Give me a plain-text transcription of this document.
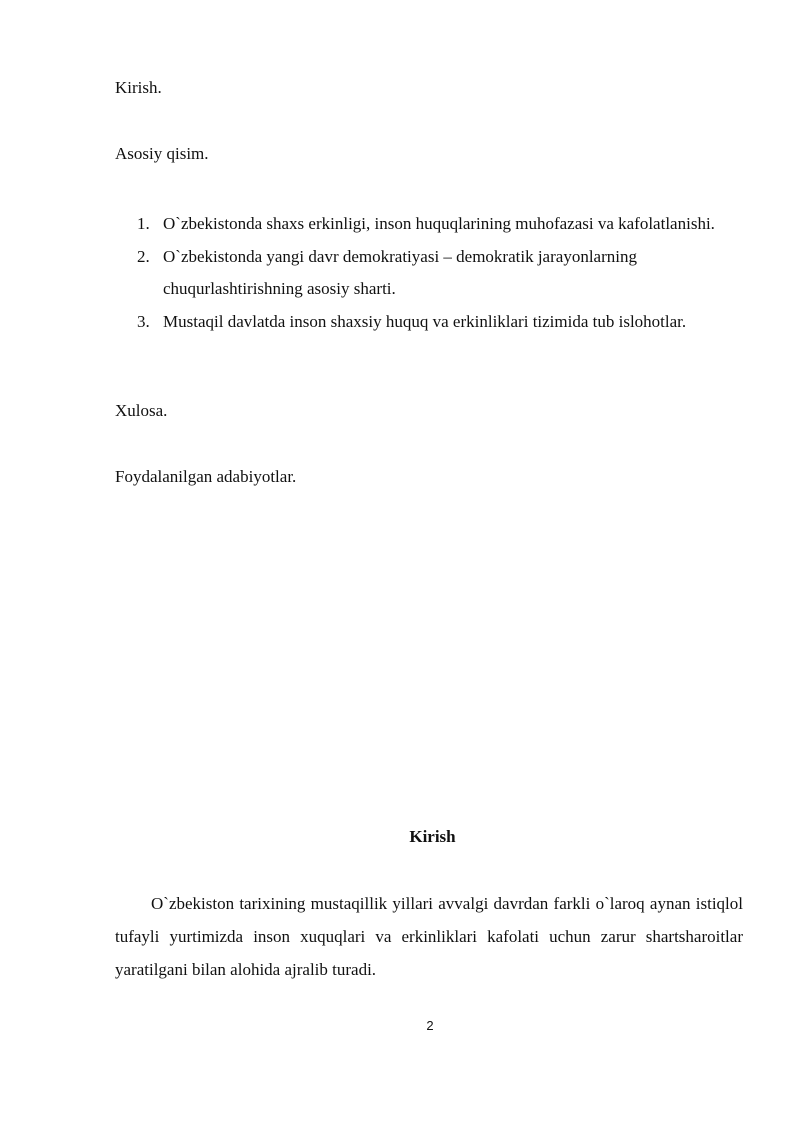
Kirish.
Asosiy qisim.
1. O`zbekistonda shaxs erkinligi, inson huquqlarining muhofazasi va kafolatlanishi.
2. O`zbekistonda yangi davr demokratiyasi – demokratik jarayonlarning chuqurlashtirishning asosiy sharti.
3. Mustaqil davlatda inson shaxsiy huquq va erkinliklari tizimida tub islohotlar.
Xulosa.
Foydalanilgan adabiyotlar.
Kirish

O`zbekiston tarixining mustaqillik yillari avvalgi davrdan farkli o`laroq aynan istiqlol tufayli yurtimizda inson xuquqlari va erkinliklari kafolati uchun zarur shartsharoitlar yaratilgani bilan alohida ajralib turadi.

2
